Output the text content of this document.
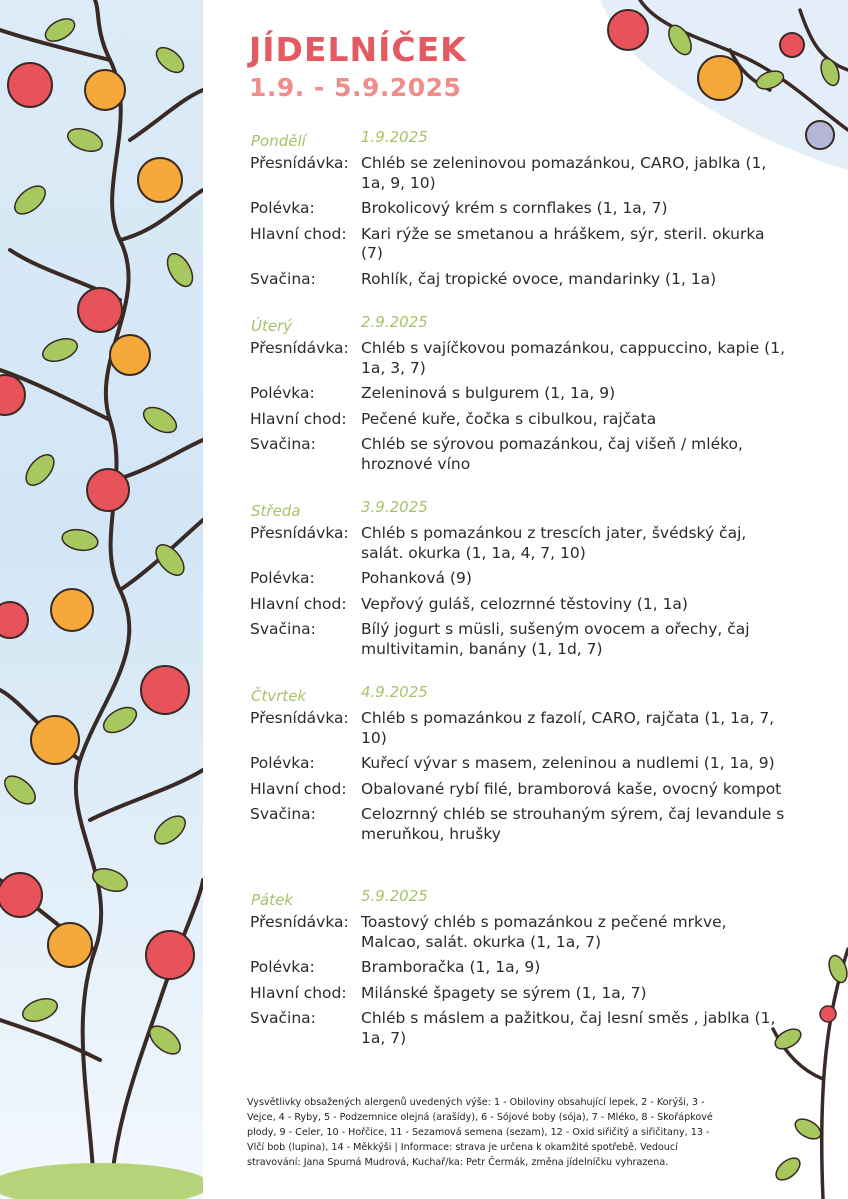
JÍDELNÍČEK
1.9. - 5.9.2025
Pondělí	1.9.2025
Přesnídávka: Chléb se zeleninovou pomazánkou, CARO, jablka (1, 1a, 9, 10)
Polévka:	Brokolicový krém s cornflakes (1, 1a, 7)
Hlavní chod: Kari rýže se smetanou a hráškem, sýr, steril. okurka (7)
Svačina:	Rohlík, čaj tropické ovoce, mandarinky (1, 1a)
Úterý	2.9.2025
Přesnídávka: Chléb s vajíčkovou pomazánkou, cappuccino, kapie (1, 1a, 3, 7)
Polévka:	Zeleninová s bulgurem (1, 1a, 9)
Hlavní chod: Pečené kuře, čočka s cibulkou, rajčata
Svačina:	Chléb se sýrovou pomazánkou, čaj višeň / mléko, hroznové víno
Středa	3.9.2025
Přesnídávka: Chléb s pomazánkou z trescích jater, švédský čaj, salát. okurka (1, 1a, 4, 7, 10)
Polévka:	Pohanková (9)
Hlavní chod: Vepřový guláš, celozrnné těstoviny (1, 1a)
Svačina:	Bílý jogurt s müsli, sušeným ovocem a ořechy, čaj multivitamin, banány (1, 1d, 7)
Čtvrtek	4.9.2025
Přesnídávka: Chléb s pomazánkou z fazolí, CARO, rajčata (1, 1a, 7, 10)
Polévka:	Kuřecí vývar s masem, zeleninou a nudlemi (1, 1a, 9)
Hlavní chod: Obalované rybí filé, bramborová kaše, ovocný kompot
Svačina:	Celozrnný chléb se strouhaným sýrem, čaj levandule s meruňkou, hrušky
Pátek	5.9.2025
Přesnídávka: Toastový chléb s pomazánkou z pečené mrkve, Malcao, salát. okurka (1, 1a, 7)
Polévka:	Bramboračka (1, 1a, 9)
Hlavní chod: Milánské špagety se sýrem (1, 1a, 7)
Svačina:	Chléb s máslem a pažitkou, čaj lesní směs , jablka (1, 1a, 7)

Vysvětlivky obsažených alergenů uvedených výše: 1 - Obiloviny obsahující lepek, 2 - Korýši, 3 - Vejce, 4 - Ryby, 5 - Podzemnice olejná (arašídy), 6 - Sójové boby (sója), 7 - Mléko, 8 - Skořápkové plody, 9 - Celer, 10 - Hořčice, 11 - Sezamová semena (sezam), 12 - Oxid siřičitý a siřičitany, 13 - Vlčí bob (lupina), 14 - Měkkýši | Informace: strava je určena k okamžité spotřebě. Vedoucí stravování: Jana Spurná Mudrová, Kuchař/ka: Petr Čermák, změna jídelníčku vyhrazena.
